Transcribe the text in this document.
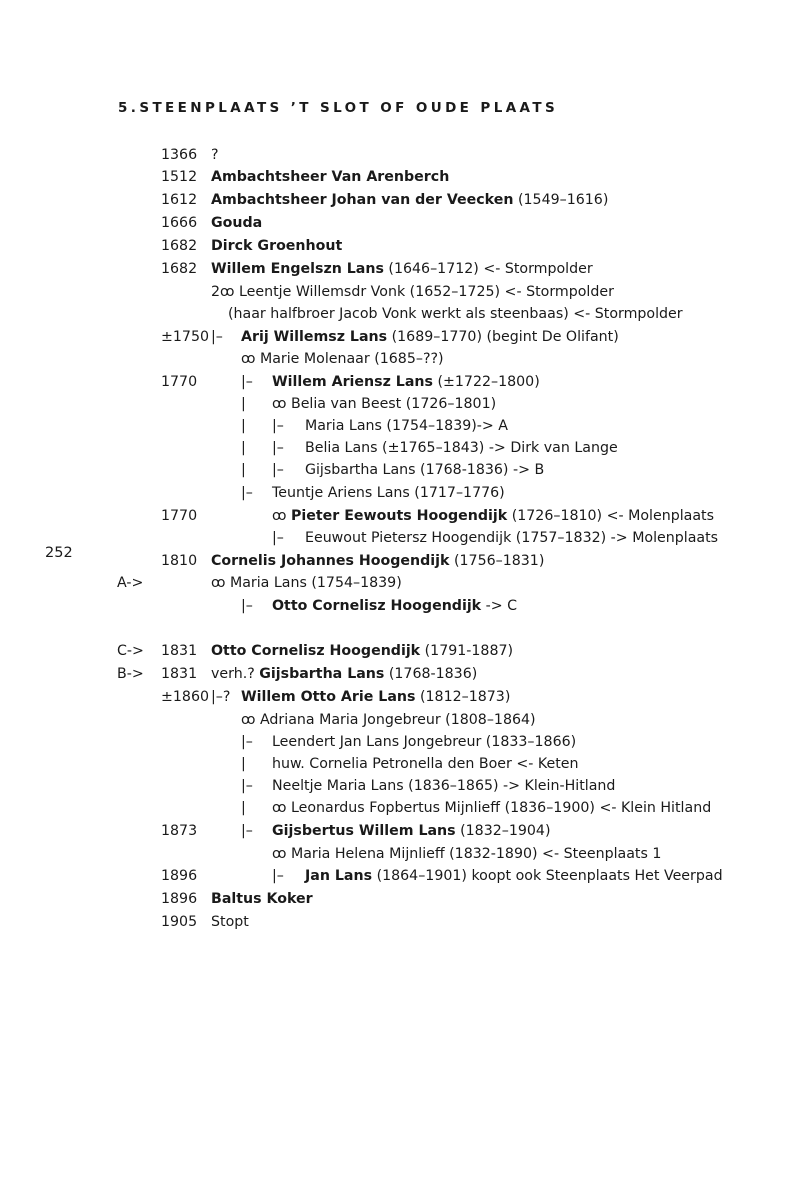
5.STEENPLAATS ’T SLOT OF OUDE PLAATS
252
1366 ?
1512 Ambachtsheer Van Arenberch
1612 Ambachtsheer Johan van der Veecken (1549–1616)
1666 Gouda
1682 Dirck Groenhout
1682 Willem Engelszn Lans (1646–1712) <- Stormpolder
2ꝏ Leentje Willemsdr Vonk (1652–1725) <- Stormpolder
(haar halfbroer Jacob Vonk werkt als steenbaas) <- Stormpolder
±1750 |– Arij Willemsz Lans (1689–1770) (begint De Olifant)
ꝏ Marie Molenaar (1685–??)
1770	|– Willem Ariensz Lans (±1722–1800)
| ꝏ Belia van Beest (1726–1801)
| |– Maria Lans (1754–1839)-> A
| |– Belia Lans (±1765–1843) -> Dirk van Lange
| |– Gijsbartha Lans (1768-1836) -> B
|– Teuntje Ariens Lans (1717–1776)
1770	ꝏ Pieter Eewouts Hoogendijk (1726–1810) <- Molenplaats
|– Eeuwout Pietersz Hoogendijk (1757–1832) -> Molenplaats
1810 Cornelis Johannes Hoogendijk (1756–1831)
A->	ꝏ Maria Lans (1754–1839)
|– Otto Cornelisz Hoogendijk -> C
C-> 1831 Otto Cornelisz Hoogendijk (1791-1887)
B-> 1831 verh.? Gijsbartha Lans (1768-1836)
±1860 |–? Willem Otto Arie Lans (1812–1873)
ꝏ Adriana Maria Jongebreur (1808–1864)
|– Leendert Jan Lans Jongebreur (1833–1866)
| huw. Cornelia Petronella den Boer <- Keten
|– Neeltje Maria Lans (1836–1865) -> Klein-Hitland
| ꝏ Leonardus Fopbertus Mijnlieff (1836–1900) <- Klein Hitland
1873	|– Gijsbertus Willem Lans (1832–1904)
ꝏ Maria Helena Mijnlieff (1832-1890) <- Steenplaats 1
1896	|– Jan Lans (1864–1901) koopt ook Steenplaats Het Veerpad
1896 Baltus Koker
1905 Stopt
